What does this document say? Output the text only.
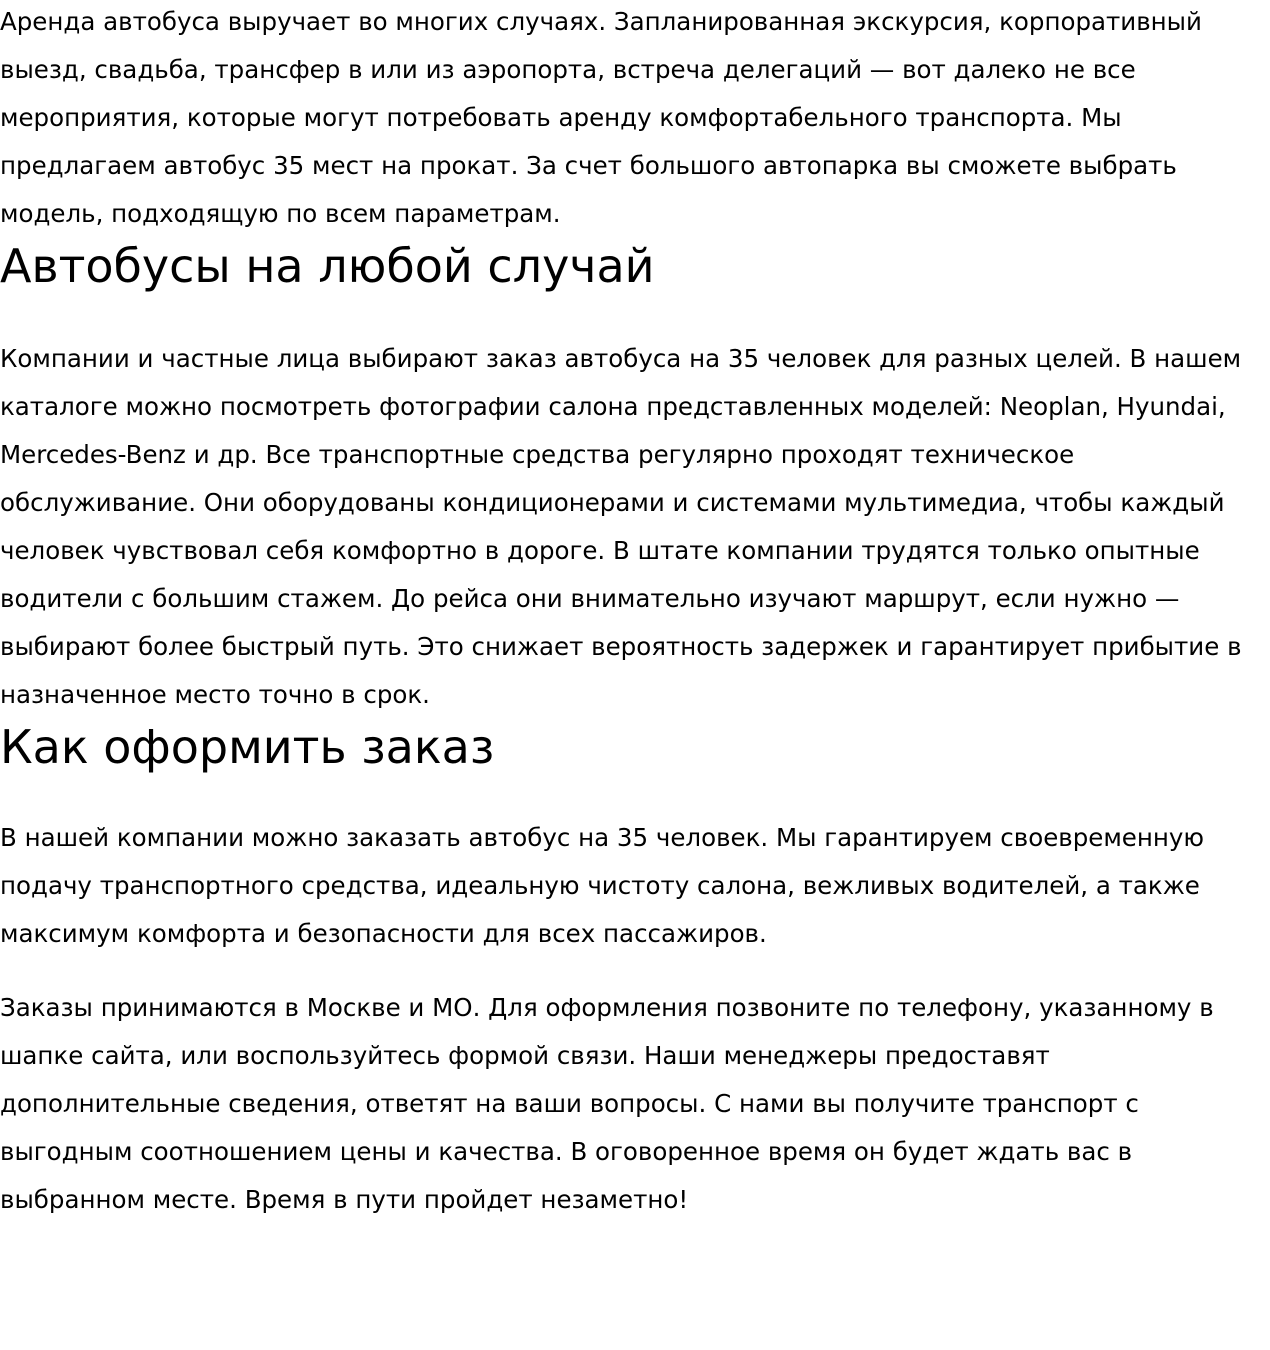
Аренда автобуса выручает во многих случаях. Запланированная экскурсия, корпоративный выезд, свадьба, трансфер в или из аэропорта, встреча делегаций — вот далеко не все мероприятия, которые могут потребовать аренду комфортабельного транспорта. Мы предлагаем автобус 35 мест на прокат. За счет большого автопарка вы сможете выбрать модель, подходящую по всем параметрам.

Автобусы на любой случай

Компании и частные лица выбирают заказ автобуса на 35 человек для разных целей. В нашем каталоге можно посмотреть фотографии салона представленных моделей: Neoplan, Hyundai, Mercedes-Benz и др. Все транспортные средства регулярно проходят техническое обслуживание. Они оборудованы кондиционерами и системами мультимедиа, чтобы каждый человек чувствовал себя комфортно в дороге. В штате компании трудятся только опытные водители с большим стажем. До рейса они внимательно изучают маршрут, если нужно — выбирают более быстрый путь. Это снижает вероятность задержек и гарантирует прибытие в назначенное место точно в срок.

Как оформить заказ

В нашей компании можно заказать автобус на 35 человек. Мы гарантируем своевременную подачу транспортного средства, идеальную чистоту салона, вежливых водителей, а также максимум комфорта и безопасности для всех пассажиров.

Заказы принимаются в Москве и МО. Для оформления позвоните по телефону, указанному в шапке сайта, или воспользуйтесь формой связи. Наши менеджеры предоставят дополнительные сведения, ответят на ваши вопросы. С нами вы получите транспорт с выгодным соотношением цены и качества. В оговоренное время он будет ждать вас в выбранном месте. Время в пути пройдет незаметно!
